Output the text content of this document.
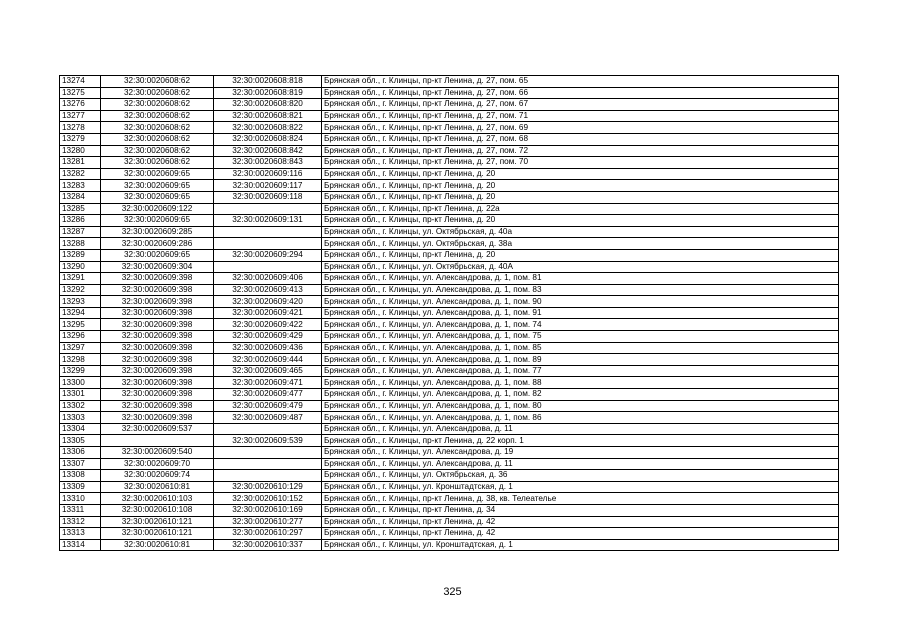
13274	32:30:0020608:62	32:30:0020608:818	Брянская обл., г. Клинцы, пр-кт Ленина, д. 27, пом. 65
13275	32:30:0020608:62	32:30:0020608:819	Брянская обл., г. Клинцы, пр-кт Ленина, д. 27, пом. 66
13276	32:30:0020608:62	32:30:0020608:820	Брянская обл., г. Клинцы, пр-кт Ленина, д. 27, пом. 67
13277	32:30:0020608:62	32:30:0020608:821	Брянская обл., г. Клинцы, пр-кт Ленина, д. 27, пом. 71
13278	32:30:0020608:62	32:30:0020608:822	Брянская обл., г. Клинцы, пр-кт Ленина, д. 27, пом. 69
13279	32:30:0020608:62	32:30:0020608:824	Брянская обл., г. Клинцы, пр-кт Ленина, д. 27, пом. 68
13280	32:30:0020608:62	32:30:0020608:842	Брянская обл., г. Клинцы, пр-кт Ленина, д. 27, пом. 72
13281	32:30:0020608:62	32:30:0020608:843	Брянская обл., г. Клинцы, пр-кт Ленина, д. 27, пом. 70
13282	32:30:0020609:65	32:30:0020609:116	Брянская обл., г. Клинцы, пр-кт Ленина, д. 20
13283	32:30:0020609:65	32:30:0020609:117	Брянская обл., г. Клинцы, пр-кт Ленина, д. 20
13284	32:30:0020609:65	32:30:0020609:118	Брянская обл., г. Клинцы, пр-кт Ленина, д. 20
13285	32:30:0020609:122		Брянская обл., г. Клинцы, пр-кт Ленина, д. 22а
13286	32:30:0020609:65	32:30:0020609:131	Брянская обл., г. Клинцы, пр-кт Ленина, д. 20
13287	32:30:0020609:285		Брянская обл., г. Клинцы, ул. Октябрьская, д. 40а
13288	32:30:0020609:286		Брянская обл., г. Клинцы, ул. Октябрьская, д. 38а
13289	32:30:0020609:65	32:30:0020609:294	Брянская обл., г. Клинцы, пр-кт Ленина, д. 20
13290	32:30:0020609:304		Брянская обл., г. Клинцы, ул. Октябрьская, д. 40А
13291	32:30:0020609:398	32:30:0020609:406	Брянская обл., г. Клинцы, ул. Александрова, д. 1, пом. 81
13292	32:30:0020609:398	32:30:0020609:413	Брянская обл., г. Клинцы, ул. Александрова, д. 1, пом. 83
13293	32:30:0020609:398	32:30:0020609:420	Брянская обл., г. Клинцы, ул. Александрова, д. 1, пом. 90
13294	32:30:0020609:398	32:30:0020609:421	Брянская обл., г. Клинцы, ул. Александрова, д. 1, пом. 91
13295	32:30:0020609:398	32:30:0020609:422	Брянская обл., г. Клинцы, ул. Александрова, д. 1, пом. 74
13296	32:30:0020609:398	32:30:0020609:429	Брянская обл., г. Клинцы, ул. Александрова, д. 1, пом. 75
13297	32:30:0020609:398	32:30:0020609:436	Брянская обл., г. Клинцы, ул. Александрова, д. 1, пом. 85
13298	32:30:0020609:398	32:30:0020609:444	Брянская обл., г. Клинцы, ул. Александрова, д. 1, пом. 89
13299	32:30:0020609:398	32:30:0020609:465	Брянская обл., г. Клинцы, ул. Александрова, д. 1, пом. 77
13300	32:30:0020609:398	32:30:0020609:471	Брянская обл., г. Клинцы, ул. Александрова, д. 1, пом. 88
13301	32:30:0020609:398	32:30:0020609:477	Брянская обл., г. Клинцы, ул. Александрова, д. 1, пом. 82
13302	32:30:0020609:398	32:30:0020609:479	Брянская обл., г. Клинцы, ул. Александрова, д. 1, пом. 80
13303	32:30:0020609:398	32:30:0020609:487	Брянская обл., г. Клинцы, ул. Александрова, д. 1, пом. 86
13304	32:30:0020609:537		Брянская обл., г. Клинцы, ул. Александрова, д. 11
13305		32:30:0020609:539	Брянская обл., г. Клинцы, пр-кт Ленина, д. 22 корп. 1
13306	32:30:0020609:540		Брянская обл., г. Клинцы, ул. Александрова, д. 19
13307	32:30:0020609:70		Брянская обл., г. Клинцы, ул. Александрова, д. 11
13308	32:30:0020609:74		Брянская обл., г. Клинцы, ул. Октябрьская, д. 36
13309	32:30:0020610:81	32:30:0020610:129	Брянская обл., г. Клинцы, ул. Кронштадтская, д. 1
13310	32:30:0020610:103	32:30:0020610:152	Брянская обл., г. Клинцы, пр-кт Ленина, д. 38, кв. Телеателье
13311	32:30:0020610:108	32:30:0020610:169	Брянская обл., г. Клинцы, пр-кт Ленина, д. 34
13312	32:30:0020610:121	32:30:0020610:277	Брянская обл., г. Клинцы, пр-кт Ленина, д. 42
13313	32:30:0020610:121	32:30:0020610:297	Брянская обл., г. Клинцы, пр-кт Ленина, д. 42
13314	32:30:0020610:81	32:30:0020610:337	Брянская обл., г. Клинцы, ул. Кронштадтская, д. 1
325
